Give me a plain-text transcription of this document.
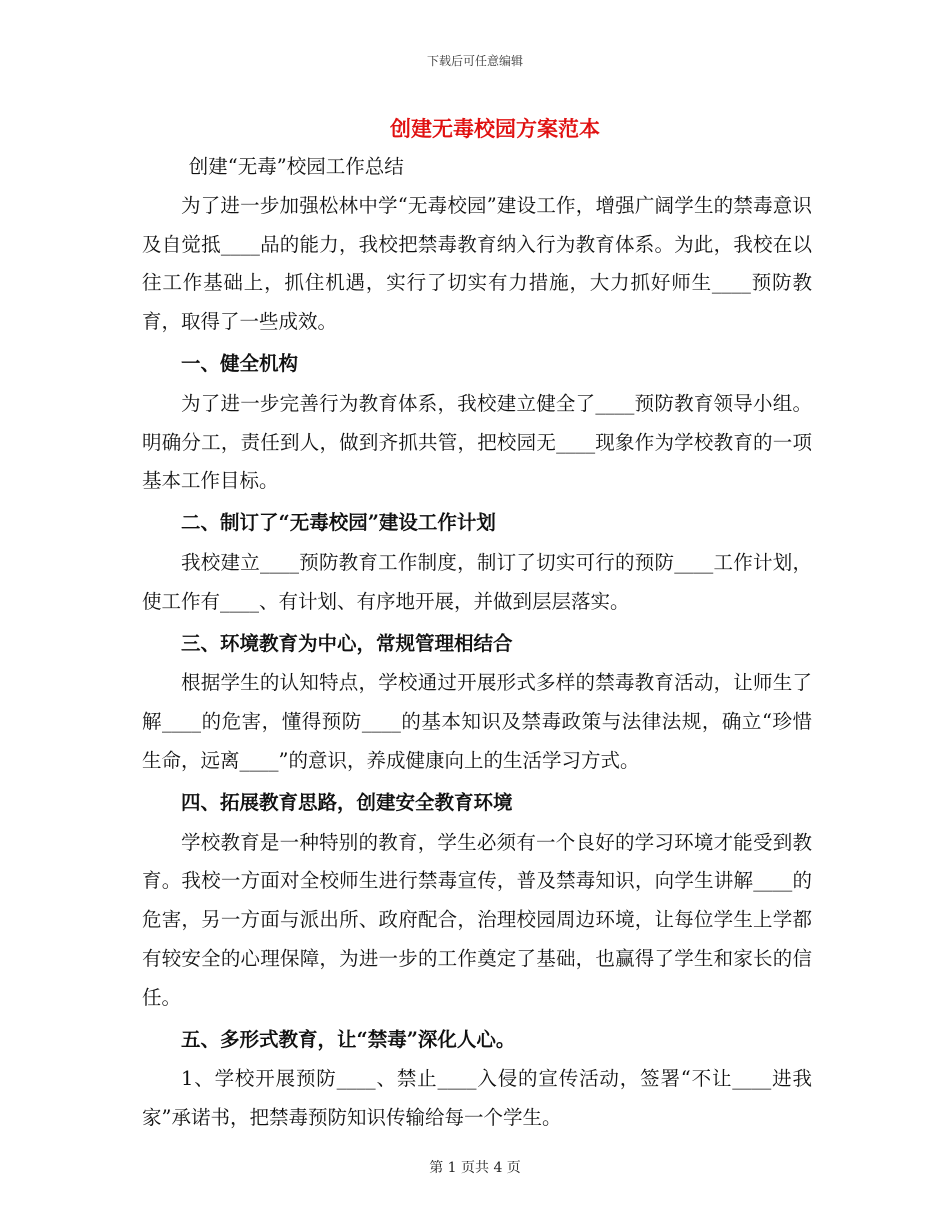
下载后可任意编辑
创建无毒校园方案范本

创建“无毒”校园工作总结

为了进一步加强松林中学“无毒校园”建设工作，增强广阔学生的禁毒意识及自觉抵____品的能力，我校把禁毒教育纳入行为教育体系。为此，我校在以往工作基础上，抓住机遇，实行了切实有力措施，大力抓好师生____预防教育，取得了一些成效。

一、健全机构

为了进一步完善行为教育体系，我校建立健全了____预防教育领导小组。明确分工，责任到人，做到齐抓共管，把校园无____现象作为学校教育的一项基本工作目标。

二、制订了“无毒校园”建设工作计划

我校建立____预防教育工作制度，制订了切实可行的预防____工作计划，使工作有____、有计划、有序地开展，并做到层层落实。

三、环境教育为中心，常规管理相结合

根据学生的认知特点，学校通过开展形式多样的禁毒教育活动，让师生了解____的危害，懂得预防____的基本知识及禁毒政策与法律法规，确立“珍惜生命，远离____”的意识，养成健康向上的生活学习方式。

四、拓展教育思路，创建安全教育环境

学校教育是一种特别的教育，学生必须有一个良好的学习环境才能受到教育。我校一方面对全校师生进行禁毒宣传，普及禁毒知识，向学生讲解____的危害，另一方面与派出所、政府配合，治理校园周边环境，让每位学生上学都有较安全的心理保障，为进一步的工作奠定了基础，也赢得了学生和家长的信任。

五、多形式教育，让“禁毒”深化人心。

1、学校开展预防____、禁止____入侵的宣传活动，签署“不让____进我家”承诺书，把禁毒预防知识传输给每一个学生。

第 1 页共 4 页
